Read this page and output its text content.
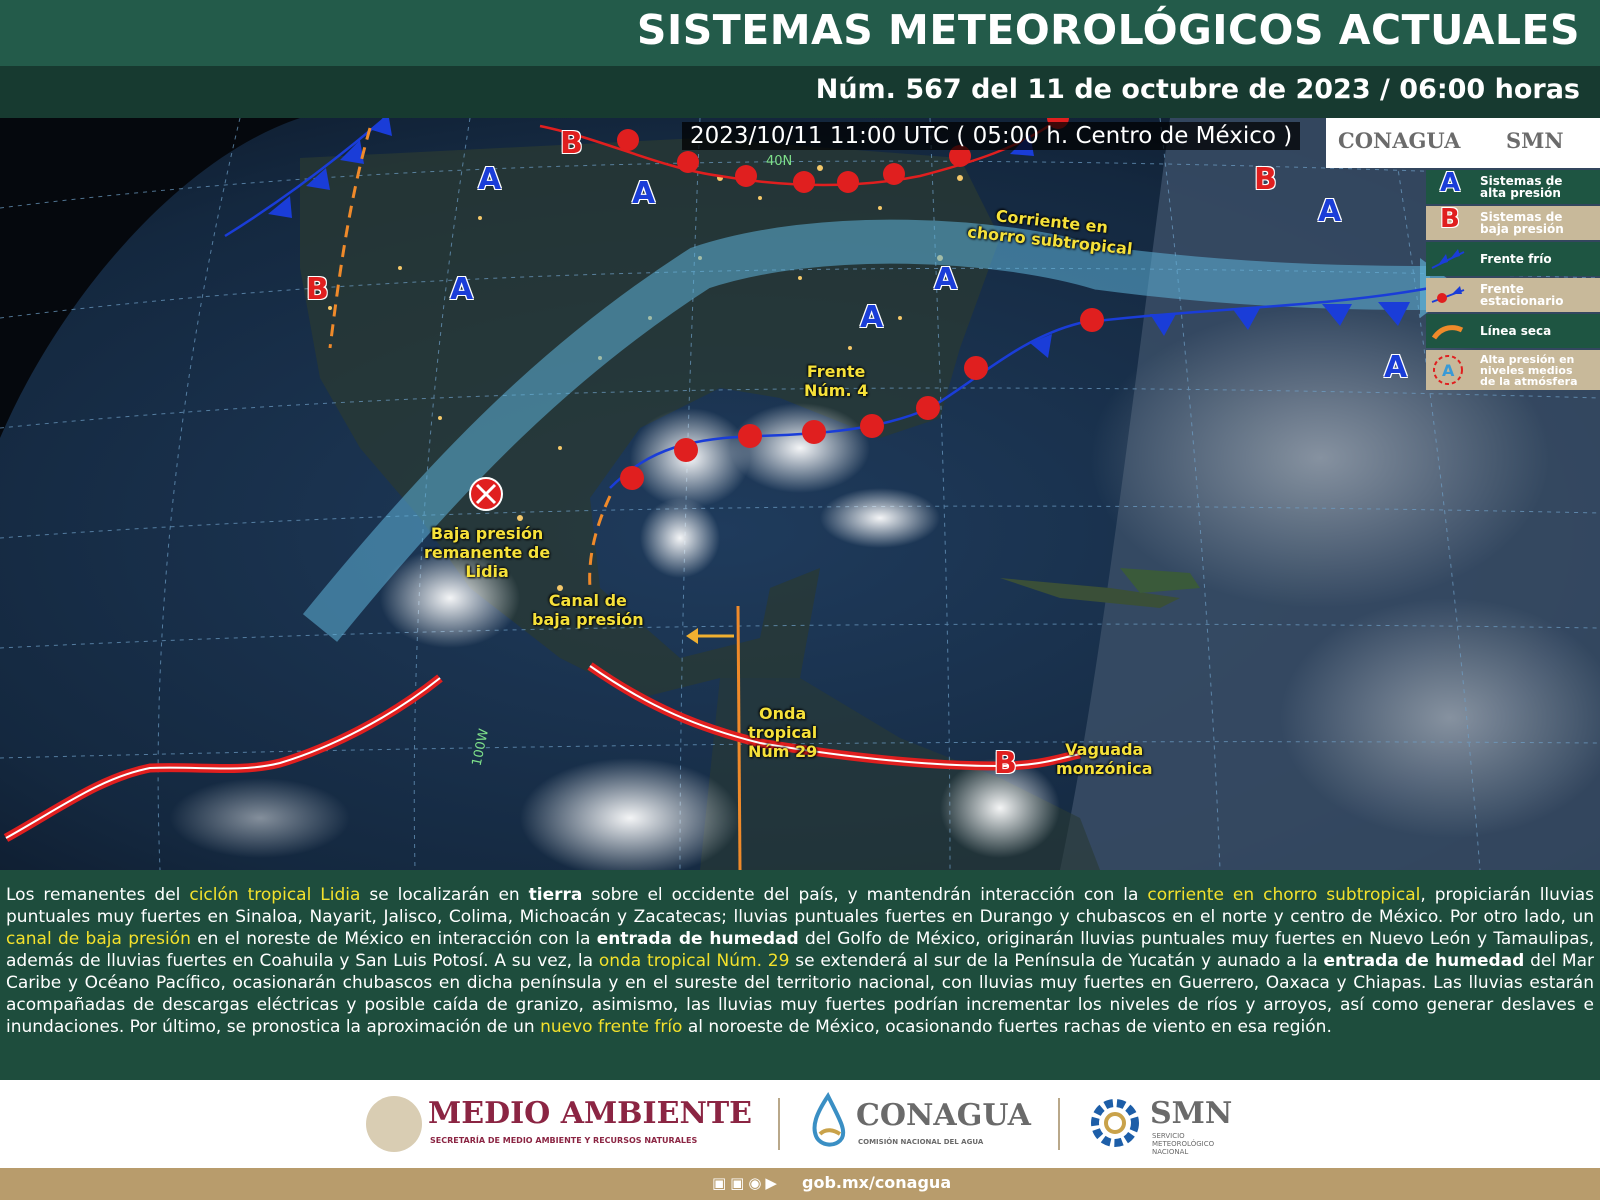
SISTEMAS METEOROLÓGICOS ACTUALES
Núm. 567 del 11 de octubre de 2023 / 06:00 horas
2023/10/11 11:00 UTC ( 05:00 h. Centro de México )
40N
100W
CONAGUA SMN
A	A
A	A
A
A
A
B
B
B
B
Corriente en
chorro subtropical
Frente
Núm. 4
Baja presión
remanente de
Lidia
Canal de
baja presión
Onda
tropical
Núm 29	Vaguada
monzónica
A Sistemas de
alta presión
B Sistemas de
baja presión
Frente frío
Frente
estacionario
Línea seca
A
Alta presión en
niveles medios
de la atmósfera

Los remanentes del ciclón tropical Lidia se localizarán en tierra sobre el occidente del país, y mantendrán interacción con la corriente en chorro subtropical, propiciarán lluvias puntuales muy fuertes en Sinaloa, Nayarit, Jalisco, Colima, Michoacán y Zacatecas; lluvias puntuales fuertes en Durango y chubascos en el norte y centro de México. Por otro lado, un canal de baja presión en el noreste de México en interacción con la entrada de humedad del Golfo de México, originarán lluvias puntuales muy fuertes en Nuevo León y Tamaulipas, además de lluvias fuertes en Coahuila y San Luis Potosí. A su vez, la onda tropical Núm. 29 se extenderá al sur de la Península de Yucatán y aunado a la entrada de humedad del Mar Caribe y Océano Pacífico, ocasionarán chubascos en dicha península y en el sureste del territorio nacional, con lluvias muy fuertes en Guerrero, Oaxaca y Chiapas. Las lluvias estarán acompañadas de descargas eléctricas y posible caída de granizo, asimismo, las lluvias muy fuertes podrían incrementar los niveles de ríos y arroyos, así como generar deslaves e inundaciones. Por último, se pronostica la aproximación de un nuevo frente frío al noroeste de México, ocasionando fuertes rachas de viento en esa región.

MEDIO AMBIENTE
SECRETARÍA DE MEDIO AMBIENTE Y RECURSOS NATURALES
CONAGUA
COMISIÓN NACIONAL DEL AGUA
SMN
SERVICIO METEOROLÓGICO NACIONAL
▣▣◉▶ gob.mx/conagua
